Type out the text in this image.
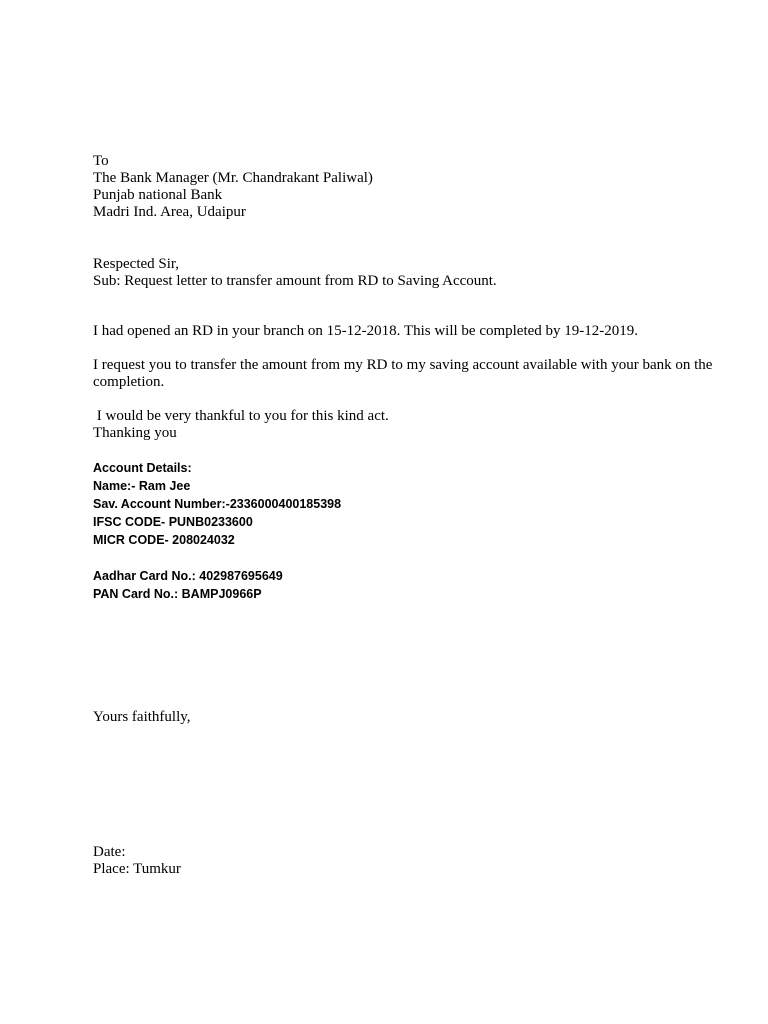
To
The Bank Manager (Mr. Chandrakant Paliwal)
Punjab national Bank
Madri Ind. Area, Udaipur
Respected Sir,
Sub: Request letter to transfer amount from RD to Saving Account.
I had opened an RD in your branch on 15-12-2018. This will be completed by 19-12-2019.
I request you to transfer the amount from my RD to my saving account available with your bank on the completion.
I would be very thankful to you for this kind act.
Thanking you
Account Details:
Name:- Ram Jee
Sav. Account Number:-2336000400185398
IFSC CODE- PUNB0233600
MICR CODE- 208024032
Aadhar Card No.: 402987695649
PAN Card No.: BAMPJ0966P
Yours faithfully,
Date:
Place: Tumkur
